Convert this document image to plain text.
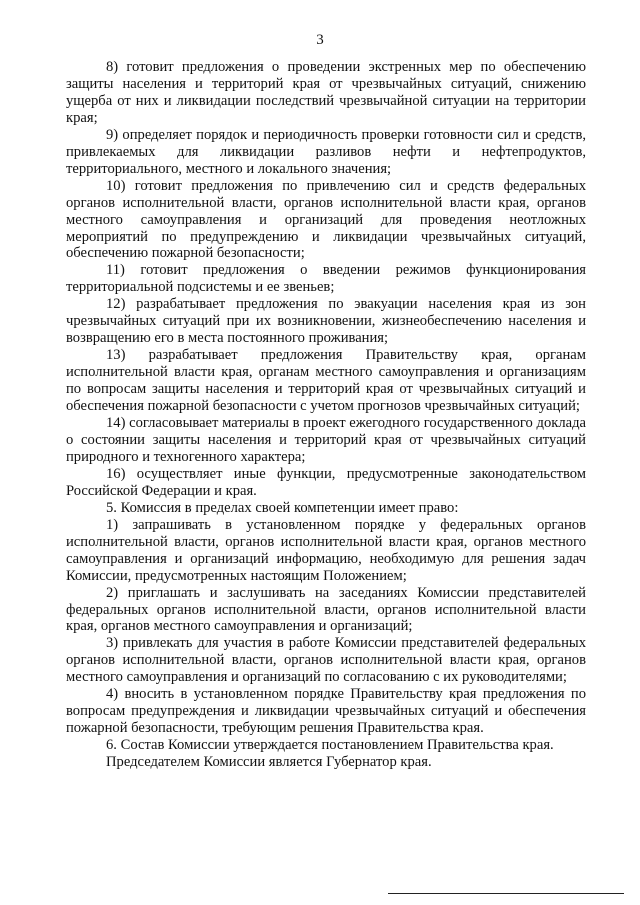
3

8) готовит предложения о проведении экстренных мер по обеспечению защиты населения и территорий края от чрезвычайных ситуаций, снижению ущерба от них и ликвидации последствий чрезвычайной ситуации на территории края;

9) определяет порядок и периодичность проверки готовности сил и средств, привлекаемых для ликвидации разливов нефти и нефтепродуктов, территориального, местного и локального значения;

10) готовит предложения по привлечению сил и средств федеральных органов исполнительной власти, органов исполнительной власти края, органов местного самоуправления и организаций для проведения неотложных мероприятий по предупреждению и ликвидации чрезвычайных ситуаций, обеспечению пожарной безопасности;

11) готовит предложения о введении режимов функционирования территориальной подсистемы и ее звеньев;

12) разрабатывает предложения по эвакуации населения края из зон чрезвычайных ситуаций при их возникновении, жизнеобеспечению населения и возвращению его в места постоянного проживания;

13) разрабатывает предложения Правительству края, органам исполнительной власти края, органам местного самоуправления и организациям по вопросам защиты населения и территорий края от чрезвычайных ситуаций и обеспечения пожарной безопасности с учетом прогнозов чрезвычайных ситуаций;

14) согласовывает материалы в проект ежегодного государственного доклада о состоянии защиты населения и территорий края от чрезвычайных ситуаций природного и техногенного характера;

16) осуществляет иные функции, предусмотренные законодательством Российской Федерации и края.

5. Комиссия в пределах своей компетенции имеет право:

1) запрашивать в установленном порядке у федеральных органов исполнительной власти, органов исполнительной власти края, органов местного самоуправления и организаций информацию, необходимую для решения задач Комиссии, предусмотренных настоящим Положением;

2) приглашать и заслушивать на заседаниях Комиссии представителей федеральных органов исполнительной власти, органов исполнительной власти края, органов местного самоуправления и организаций;

3) привлекать для участия в работе Комиссии представителей федеральных органов исполнительной власти, органов исполнительной власти края, органов местного самоуправления и организаций по согласованию с их руководителями;

4) вносить в установленном порядке Правительству края предложения по вопросам предупреждения и ликвидации чрезвычайных ситуаций и обеспечения пожарной безопасности, требующим решения Правительства края.

6. Состав Комиссии утверждается постановлением Правительства края.

Председателем Комиссии является Губернатор края.
